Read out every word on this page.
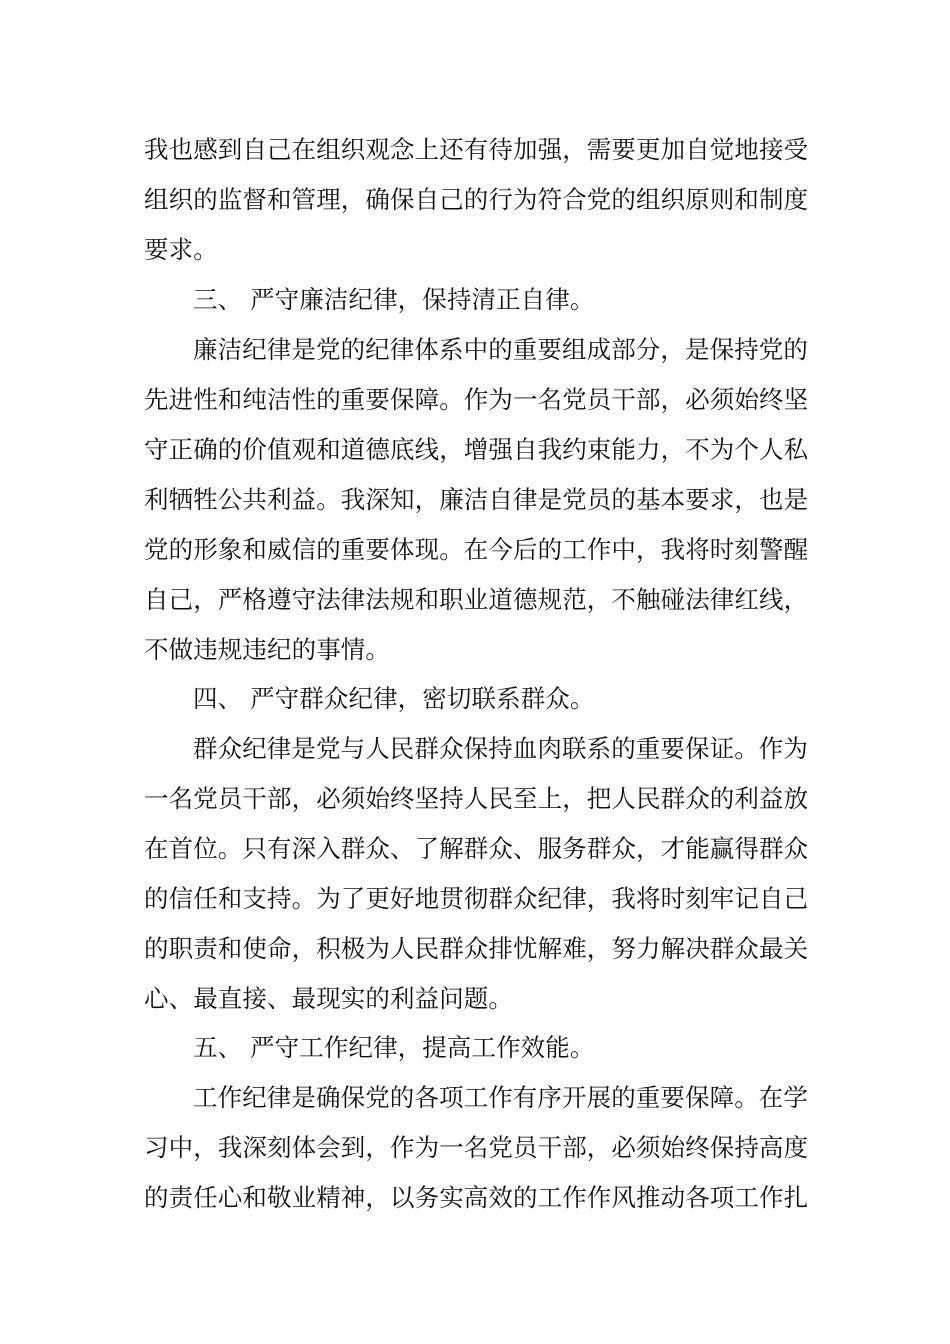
我也感到自己在组织观念上还有待加强，需要更加自觉地接受
组织的监督和管理，确保自己的行为符合党的组织原则和制度
要求。
三、 严守廉洁纪律，保持清正自律。
廉洁纪律是党的纪律体系中的重要组成部分，是保持党的
先进性和纯洁性的重要保障。作为一名党员干部，必须始终坚
守正确的价值观和道德底线，增强自我约束能力，不为个人私
利牺牲公共利益。我深知，廉洁自律是党员的基本要求，也是
党的形象和威信的重要体现。在今后的工作中，我将时刻警醒
自己，严格遵守法律法规和职业道德规范，不触碰法律红线，
不做违规违纪的事情。
四、 严守群众纪律，密切联系群众。
群众纪律是党与人民群众保持血肉联系的重要保证。作为
一名党员干部，必须始终坚持人民至上，把人民群众的利益放
在首位。只有深入群众、了解群众、服务群众，才能赢得群众
的信任和支持。为了更好地贯彻群众纪律，我将时刻牢记自己
的职责和使命，积极为人民群众排忧解难，努力解决群众最关
心、最直接、最现实的利益问题。
五、 严守工作纪律，提高工作效能。
工作纪律是确保党的各项工作有序开展的重要保障。在学
习中，我深刻体会到，作为一名党员干部，必须始终保持高度
的责任心和敬业精神，以务实高效的工作作风推动各项工作扎
